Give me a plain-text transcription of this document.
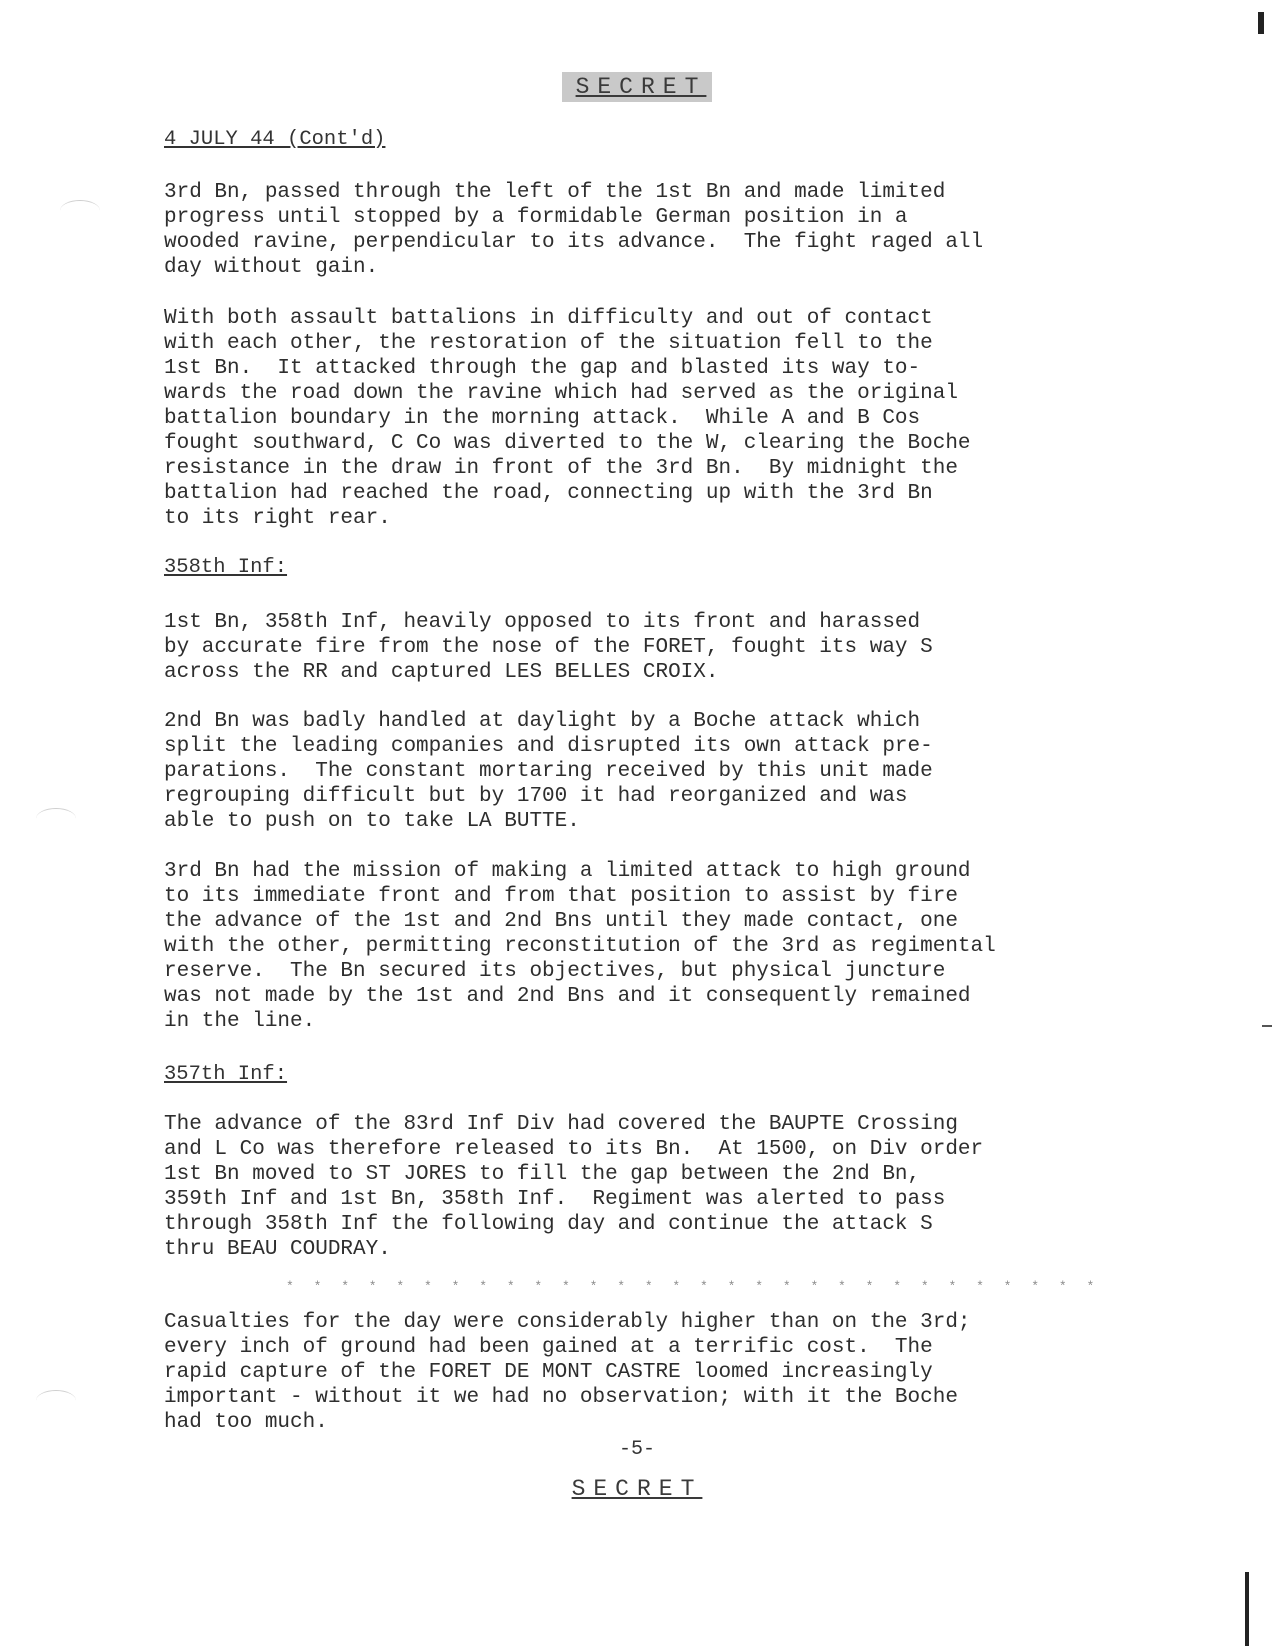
SECRET
4 JULY 44 (Cont'd)
3rd Bn, passed through the left of the 1st Bn and made limited
progress until stopped by a formidable German position in a
wooded ravine, perpendicular to its advance.  The fight raged all
day without gain.
With both assault battalions in difficulty and out of contact
with each other, the restoration of the situation fell to the
1st Bn.  It attacked through the gap and blasted its way to-
wards the road down the ravine which had served as the original
battalion boundary in the morning attack.  While A and B Cos
fought southward, C Co was diverted to the W, clearing the Boche
resistance in the draw in front of the 3rd Bn.  By midnight the
battalion had reached the road, connecting up with the 3rd Bn
to its right rear.
358th Inf:
1st Bn, 358th Inf, heavily opposed to its front and harassed
by accurate fire from the nose of the FORET, fought its way S
across the RR and captured LES BELLES CROIX.
2nd Bn was badly handled at daylight by a Boche attack which
split the leading companies and disrupted its own attack pre-
parations.  The constant mortaring received by this unit made
regrouping difficult but by 1700 it had reorganized and was
able to push on to take LA BUTTE.
3rd Bn had the mission of making a limited attack to high ground
to its immediate front and from that position to assist by fire
the advance of the 1st and 2nd Bns until they made contact, one
with the other, permitting reconstitution of the 3rd as regimental
reserve.  The Bn secured its objectives, but physical juncture
was not made by the 1st and 2nd Bns and it consequently remained
in the line.
357th Inf:
The advance of the 83rd Inf Div had covered the BAUPTE Crossing
and L Co was therefore released to its Bn.  At 1500, on Div order
1st Bn moved to ST JORES to fill the gap between the 2nd Bn,
359th Inf and 1st Bn, 358th Inf.  Regiment was alerted to pass
through 358th Inf the following day and continue the attack S
thru BEAU COUDRAY.
* * * * * * * * * * * * * * * * * * * * * * * * * * * * * *
Casualties for the day were considerably higher than on the 3rd;
every inch of ground had been gained at a terrific cost.  The
rapid capture of the FORET DE MONT CASTRE loomed increasingly
important - without it we had no observation; with it the Boche
had too much.
-5-
SECRET
